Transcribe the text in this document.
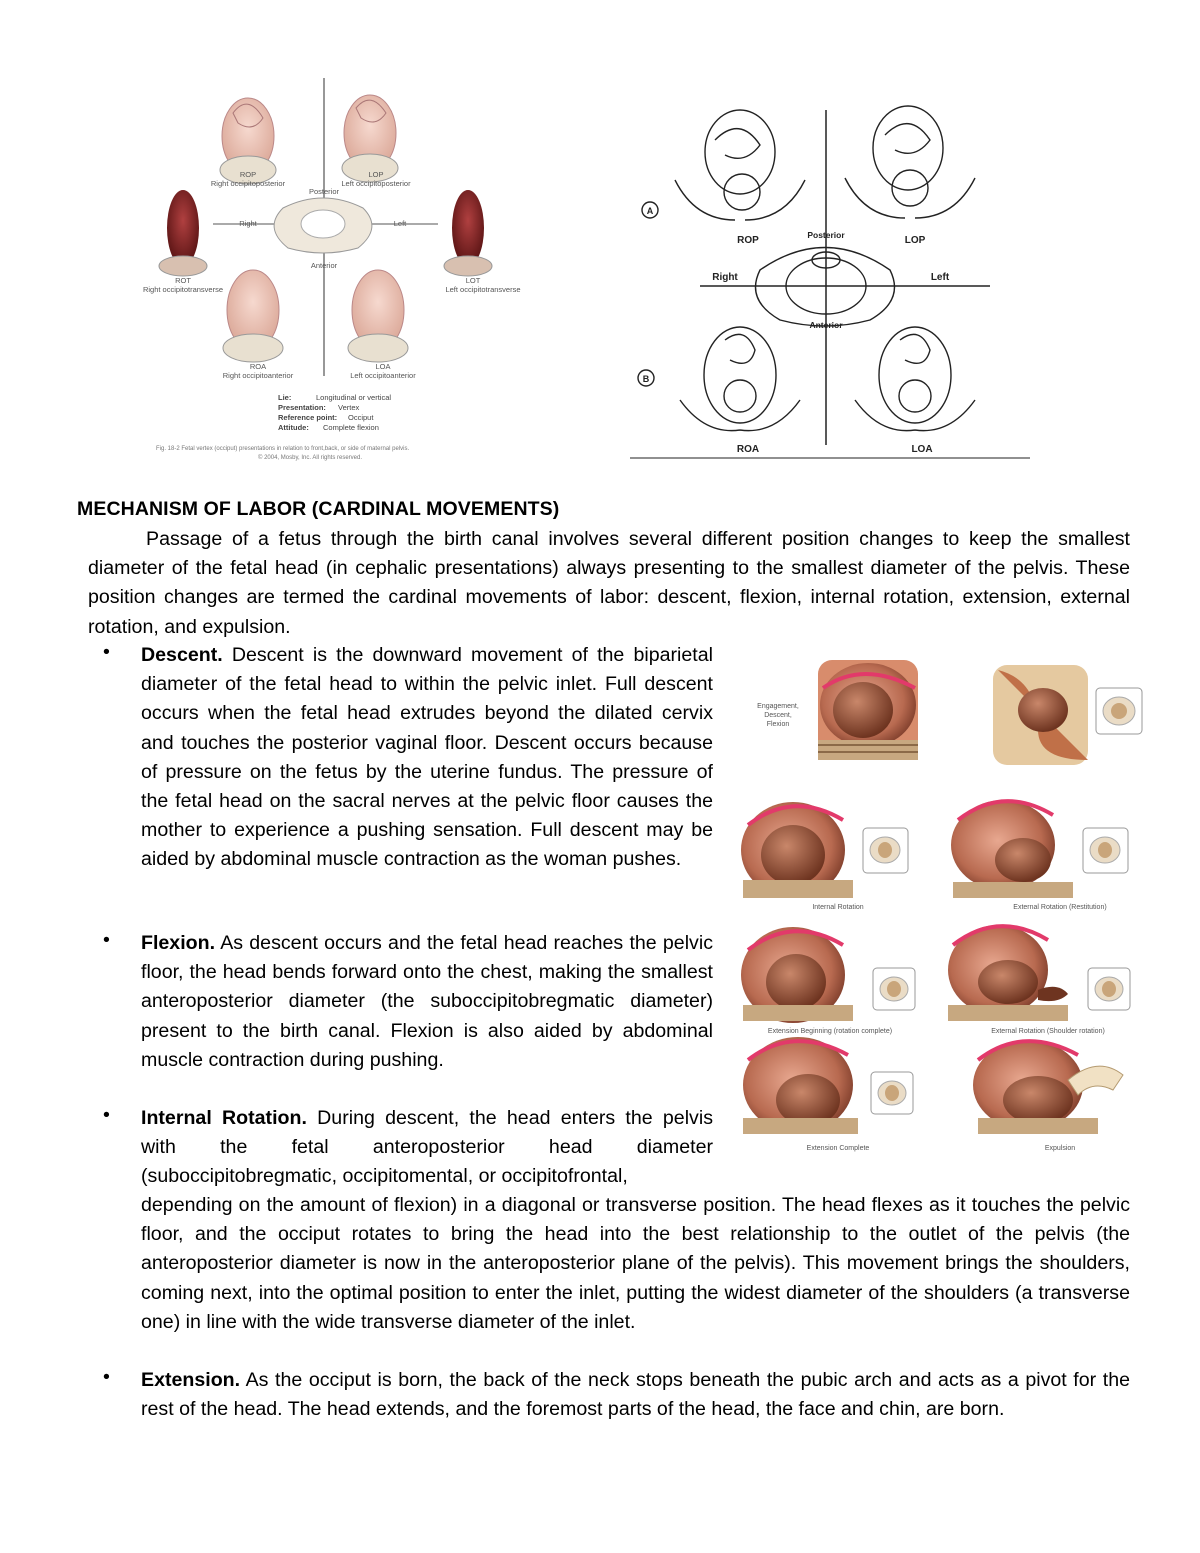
ROP
Right occipitoposterior
LOP
Left occipitoposterior
Posterior
Right	Left
ROT
Right occipitotransverse
Anterior
LOT
Left occipitotransverse
ROA
Right occipitoanterior
LOA
Left occipitoanterior
Lie:	Longitudinal or vertical
Presentation: Vertex
Reference point: Occiput
Attitude: Complete flexion
Fig. 18-2 Fetal vertex (occiput) presentations in relation to front,back, or side of maternal pelvis.
© 2004, Mosby, Inc. All rights reserved.
A
B
ROP	LOP
Posterior
Right	Left
Anterior
ROA	LOA
Engagement,
Descent,
Flexion
Internal Rotation	External Rotation (Restitution)
Extension Beginning (rotation complete)	External Rotation (Shoulder rotation)
Extension Complete	Expulsion
MECHANISM OF LABOR (CARDINAL MOVEMENTS)
Passage of a fetus through the birth canal involves several different position changes to keep the smallest diameter of the fetal head (in cephalic presentations) always presenting to the smallest diameter of the pelvis. These position changes are termed the cardinal movements of labor: descent, flexion, internal rotation, extension, external rotation, and expulsion.
• Descent. Descent is the downward movement of the biparietal diameter of the fetal head to within the pelvic inlet. Full descent occurs when the fetal head extrudes beyond the dilated cervix and touches the posterior vaginal floor. Descent occurs because of pressure on the fetus by the uterine fundus. The pressure of the fetal head on the sacral nerves at the pelvic floor causes the mother to experience a pushing sensation. Full descent may be aided by abdominal muscle contraction as the woman pushes.
• Flexion. As descent occurs and the fetal head reaches the pelvic floor, the head bends forward onto the chest, making the smallest anteroposterior diameter (the suboccipitobregmatic diameter) present to the birth canal. Flexion is also aided by abdominal muscle contraction during pushing.
• Internal Rotation. During descent, the head enters the pelvis with the fetal anteroposterior head diameter (suboccipitobregmatic, occipitomental, or occipitofrontal,
depending on the amount of flexion) in a diagonal or transverse position. The head flexes as it touches the pelvic floor, and the occiput rotates to bring the head into the best relationship to the outlet of the pelvis (the anteroposterior diameter is now in the anteroposterior plane of the pelvis). This movement brings the shoulders, coming next, into the optimal position to enter the inlet, putting the widest diameter of the shoulders (a transverse one) in line with the wide transverse diameter of the inlet.
• Extension. As the occiput is born, the back of the neck stops beneath the pubic arch and acts as a pivot for the rest of the head. The head extends, and the foremost parts of the head, the face and chin, are born.
